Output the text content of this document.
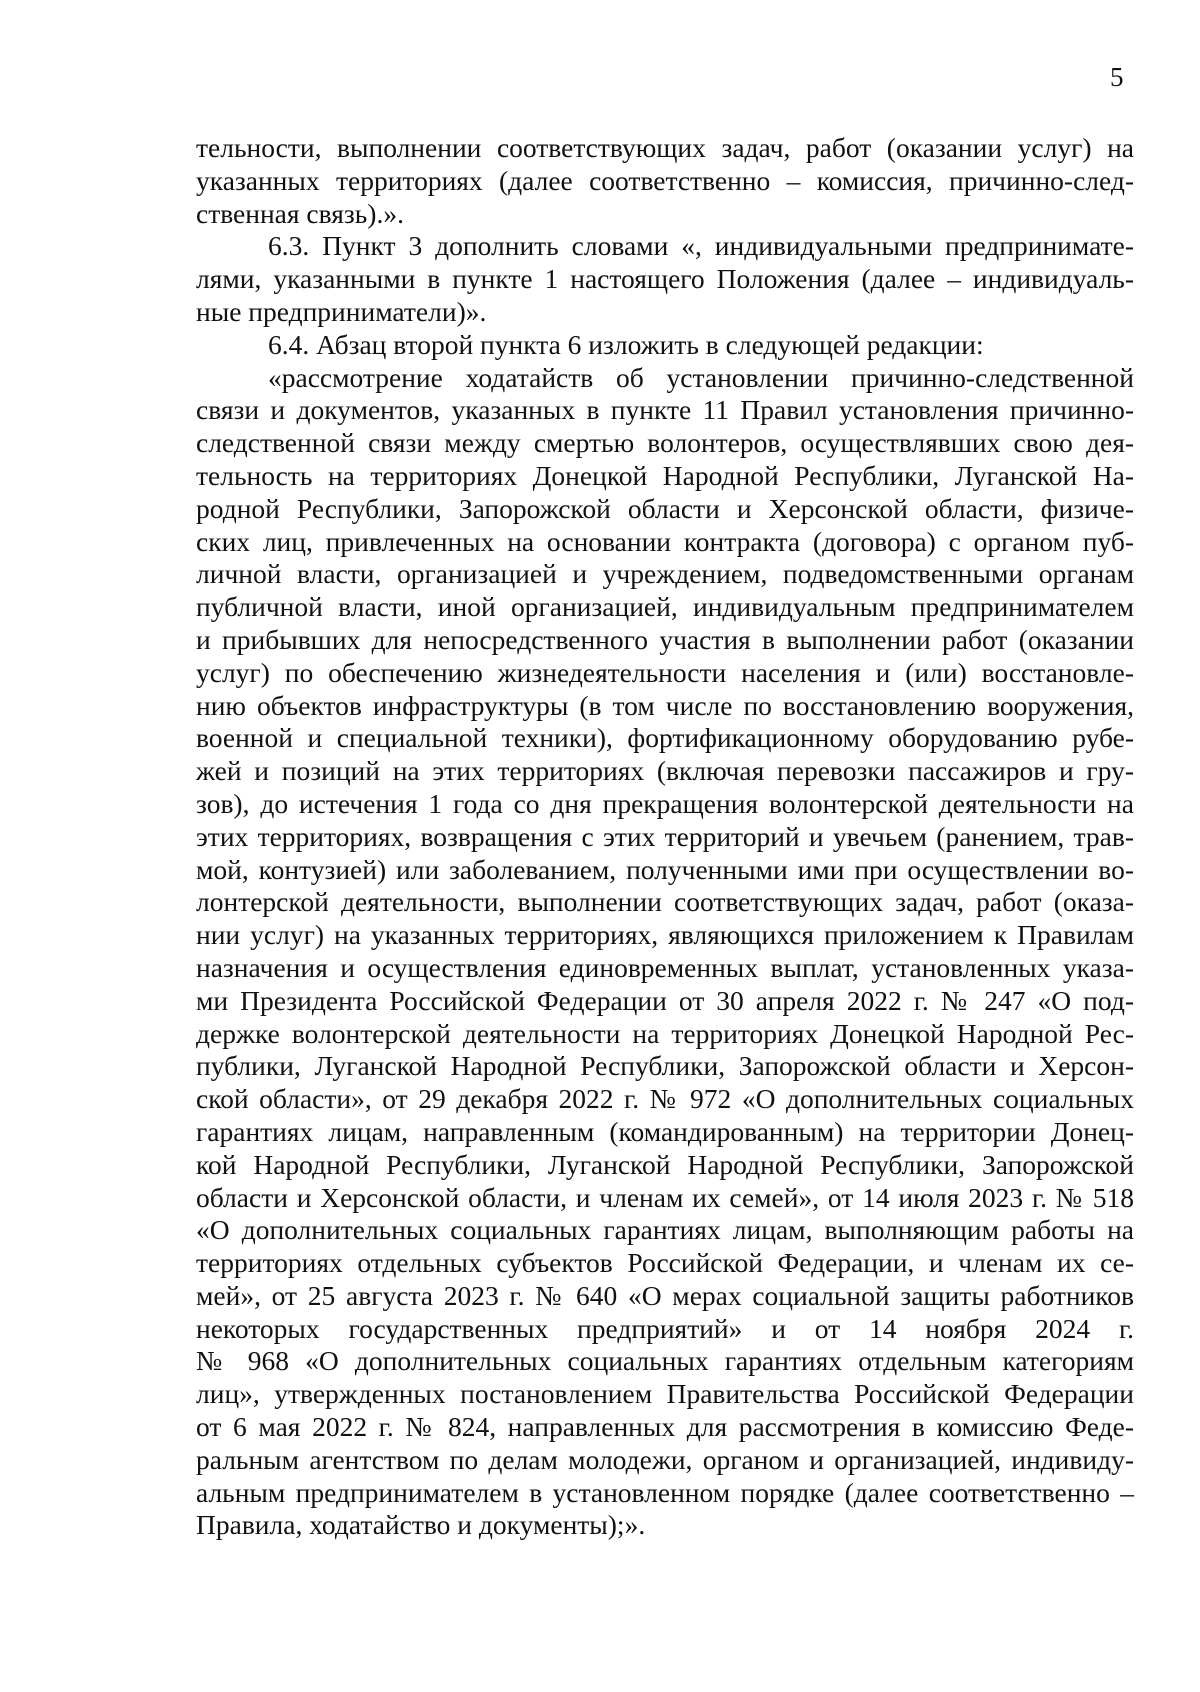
5
тельности, выполнении соответствующих задач, работ (оказании услуг) на
указанных территориях (далее соответственно – комиссия, причинно-след-
ственная связь).».
6.3. Пункт 3 дополнить словами «, индивидуальными предпринимате-
лями, указанными в пункте 1 настоящего Положения (далее – индивидуаль-
ные предприниматели)».
6.4. Абзац второй пункта 6 изложить в следующей редакции:
«рассмотрение ходатайств об установлении причинно-следственной
связи и документов, указанных в пункте 11 Правил установления причинно-
следственной связи между смертью волонтеров, осуществлявших свою дея-
тельность на территориях Донецкой Народной Республики, Луганской На-
родной Республики, Запорожской области и Херсонской области, физиче-
ских лиц, привлеченных на основании контракта (договора) с органом пуб-
личной власти, организацией и учреждением, подведомственными органам
публичной власти, иной организацией, индивидуальным предпринимателем
и прибывших для непосредственного участия в выполнении работ (оказании
услуг) по обеспечению жизнедеятельности населения и (или) восстановле-
нию объектов инфраструктуры (в том числе по восстановлению вооружения,
военной и специальной техники), фортификационному оборудованию рубе-
жей и позиций на этих территориях (включая перевозки пассажиров и гру-
зов), до истечения 1 года со дня прекращения волонтерской деятельности на
этих территориях, возвращения с этих территорий и увечьем (ранением, трав-
мой, контузией) или заболеванием, полученными ими при осуществлении во-
лонтерской деятельности, выполнении соответствующих задач, работ (оказа-
нии услуг) на указанных территориях, являющихся приложением к Правилам
назначения и осуществления единовременных выплат, установленных указа-
ми Президента Российской Федерации от 30 апреля 2022 г. № 247 «О под-
держке волонтерской деятельности на территориях Донецкой Народной Рес-
публики, Луганской Народной Республики, Запорожской области и Херсон-
ской области», от 29 декабря 2022 г. № 972 «О дополнительных социальных
гарантиях лицам, направленным (командированным) на территории Донец-
кой Народной Республики, Луганской Народной Республики, Запорожской
области и Херсонской области, и членам их семей», от 14 июля 2023 г. № 518
«О дополнительных социальных гарантиях лицам, выполняющим работы на
территориях отдельных субъектов Российской Федерации, и членам их се-
мей», от 25 августа 2023 г. № 640 «О мерах социальной защиты работников
некоторых государственных предприятий» и от 14 ноября 2024 г.
№ 968 «О дополнительных социальных гарантиях отдельным категориям
лиц», утвержденных постановлением Правительства Российской Федерации
от 6 мая 2022 г. № 824, направленных для рассмотрения в комиссию Феде-
ральным агентством по делам молодежи, органом и организацией, индивиду-
альным предпринимателем в установленном порядке (далее соответственно –
Правила, ходатайство и документы);».
